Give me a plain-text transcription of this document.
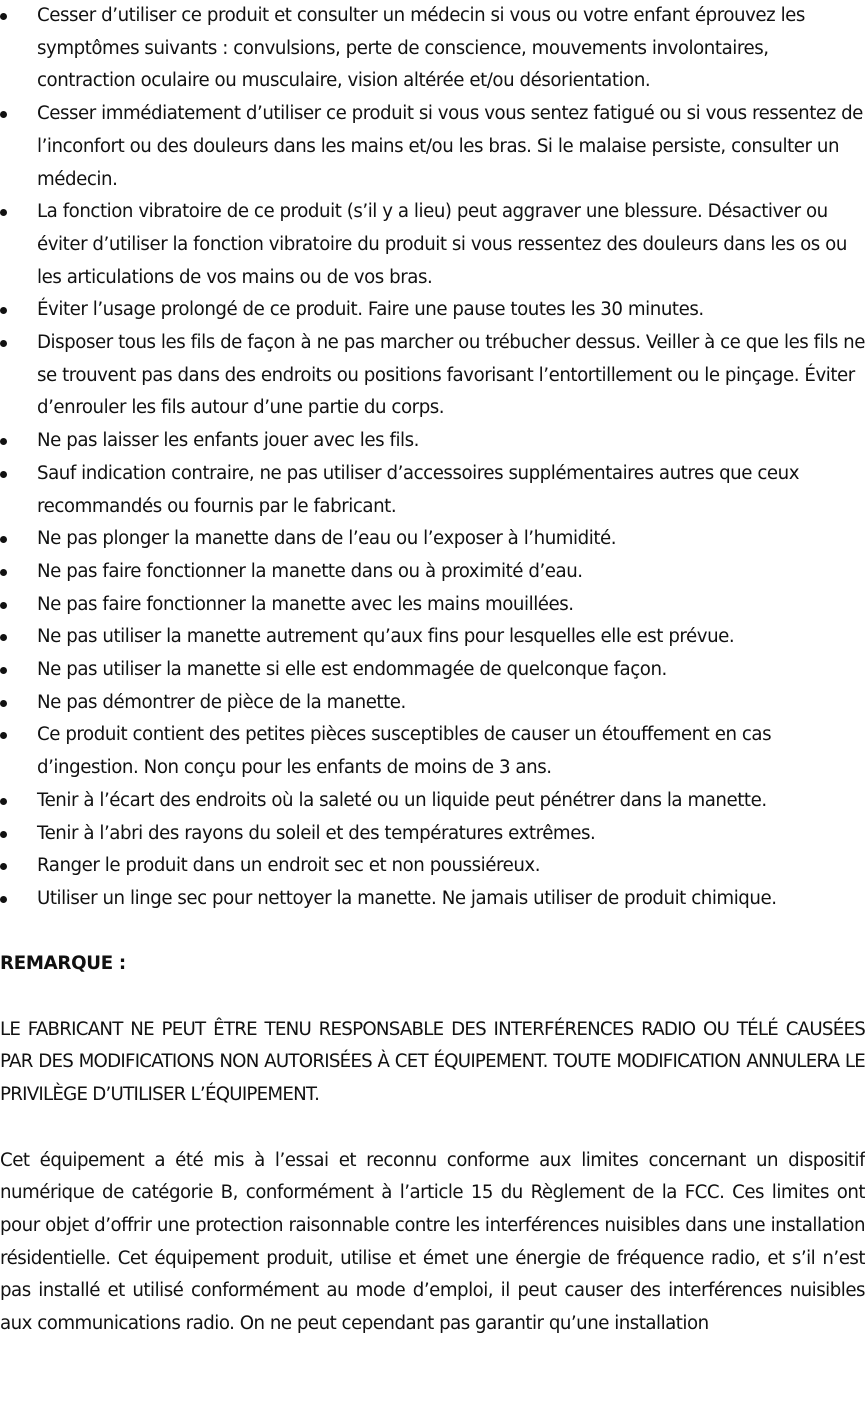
Cesser d’utiliser ce produit et consulter un médecin si vous ou votre enfant éprouvez les symptômes suivants : convulsions, perte de conscience, mouvements involontaires, contraction oculaire ou musculaire, vision altérée et/ou désorientation.
Cesser immédiatement d’utiliser ce produit si vous vous sentez fatigué ou si vous ressentez de l’inconfort ou des douleurs dans les mains et/ou les bras. Si le malaise persiste, consulter un médecin.
La fonction vibratoire de ce produit (s’il y a lieu) peut aggraver une blessure. Désactiver ou éviter d’utiliser la fonction vibratoire du produit si vous ressentez des douleurs dans les os ou les articulations de vos mains ou de vos bras.
Éviter l’usage prolongé de ce produit. Faire une pause toutes les 30 minutes.
Disposer tous les fils de façon à ne pas marcher ou trébucher dessus. Veiller à ce que les fils ne se trouvent pas dans des endroits ou positions favorisant l’entortillement ou le pinçage. Éviter d’enrouler les fils autour d’une partie du corps.
Ne pas laisser les enfants jouer avec les fils.
Sauf indication contraire, ne pas utiliser d’accessoires supplémentaires autres que ceux recommandés ou fournis par le fabricant.
Ne pas plonger la manette dans de l’eau ou l’exposer à l’humidité.
Ne pas faire fonctionner la manette dans ou à proximité d’eau.
Ne pas faire fonctionner la manette avec les mains mouillées.
Ne pas utiliser la manette autrement qu’aux fins pour lesquelles elle est prévue.
Ne pas utiliser la manette si elle est endommagée de quelconque façon.
Ne pas démontrer de pièce de la manette.
Ce produit contient des petites pièces susceptibles de causer un étouffement en cas d’ingestion. Non conçu pour les enfants de moins de 3 ans.
Tenir à l’écart des endroits où la saleté ou un liquide peut pénétrer dans la manette.
Tenir à l’abri des rayons du soleil et des températures extrêmes.
Ranger le produit dans un endroit sec et non poussiéreux.
Utiliser un linge sec pour nettoyer la manette. Ne jamais utiliser de produit chimique.
REMARQUE :
LE FABRICANT NE PEUT ÊTRE TENU RESPONSABLE DES INTERFÉRENCES RADIO OU TÉLÉ CAUSÉES PAR DES MODIFICATIONS NON AUTORISÉES À CET ÉQUIPEMENT. TOUTE MODIFICATION ANNULERA LE PRIVILÈGE D’UTILISER L’ÉQUIPEMENT.
Cet équipement a été mis à l’essai et reconnu conforme aux limites concernant un dispositif numérique de catégorie B, conformément à l’article 15 du Règlement de la FCC. Ces limites ont pour objet d’offrir une protection raisonnable contre les interférences nuisibles dans une installation résidentielle. Cet équipement produit, utilise et émet une énergie de fréquence radio, et s’il n’est pas installé et utilisé conformément au mode d’emploi, il peut causer des interférences nuisibles aux communications radio. On ne peut cependant pas garantir qu’une installation
